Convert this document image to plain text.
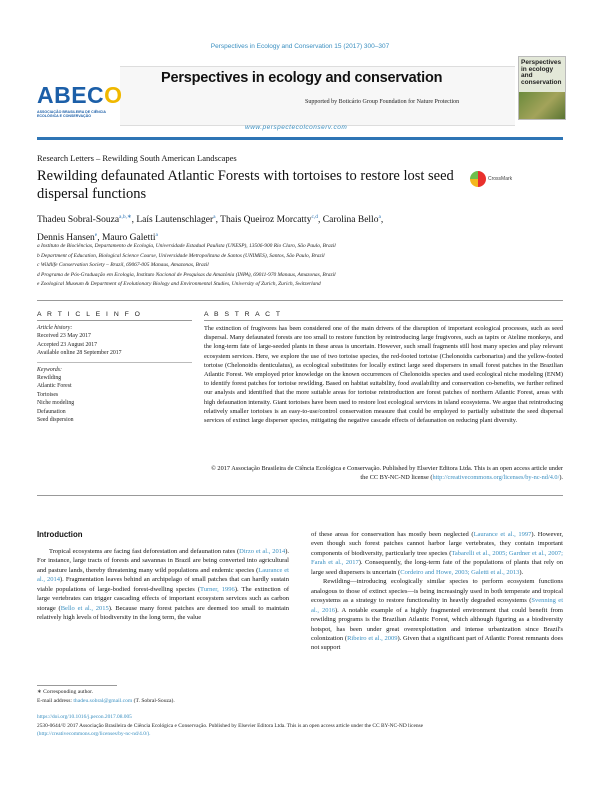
Perspectives in Ecology and Conservation 15 (2017) 300–307
ABECO
ASSOCIAÇÃO BRASILEIRA DE CIÊNCIA ECOLÓGICA E CONSERVAÇÃO
Perspectives in ecology and conservation
Supported by Boticário Group Foundation for Nature Protection
Perspectives in ecology and conservation
www.perspectecolconserv.com
Research Letters – Rewilding South American Landscapes
Rewilding defaunated Atlantic Forests with tortoises to restore lost seed dispersal functions
CrossMark
Thadeu Sobral-Souza$^{a,b,∗}$, Laís Lautenschlager$^a$, Thais Queiroz Morcatty$^{c,d}$, Carolina Bello$^a$,
Dennis Hansen$^e$, Mauro Galetti$^a$
a Instituto de Biociências, Departamento de Ecologia, Universidade Estadual Paulista (UNESP), 13506-900 Rio Claro, São Paulo, Brazil
b Department of Education, Biological Science Course, Universidade Metropolitana de Santos (UNIMES), Santos, São Paulo, Brazil
c Wildlife Conservation Society – Brazil, 69067-005 Manaus, Amazonas, Brazil
d Programa de Pós-Graduação em Ecologia, Instituto Nacional de Pesquisas da Amazônia (INPA), 69011-970 Manaus, Amazonas, Brazil
e Zoological Museum & Department of Evolutionary Biology and Environmental Studies, University of Zurich, Zurich, Switzerland
A R T I C L E I N F O	A B S T R A C T
Article history:
Received 23 May 2017
Accepted 23 August 2017
Available online 28 September 2017
Keywords:
Rewilding
Atlantic Forest
Tortoises
Niche modeling
Defaunation
Seed dispersion
The extinction of frugivores has been considered one of the main drivers of the disruption of important ecological processes, such as seed dispersal. Many defaunated forests are too small to restore function by reintroducing large frugivores, such as tapirs or Ateline monkeys, and the long-term fate of large-seeded plants in these areas is uncertain. However, such small fragments still host many species and play relevant ecosystem services. Here, we explore the use of two tortoise species, the red-footed tortoise (Chelonoidis carbonarius) and the yellow-footed tortoise (Chelonoidis denticulatus), as ecological substitutes for locally extinct large seed dispersers in small forest patches in the Brazilian Atlantic Forest. We employed prior knowledge on the known occurrences of Chelonoidis species and used ecological niche modeling (ENM) to identify forest patches for tortoise rewilding. Based on habitat suitability, food availability and conservation co-benefits, we further refined our analysis and identified that the more suitable areas for tortoise reintroduction are forest patches of northern Atlantic Forest, areas with high defaunation intensity. Giant tortoises have been used to restore lost ecological services in island ecosystems. We argue that reintroducing relatively smaller tortoises is an easy-to-use/control conservation measure that could be employed to partially substitute the seed dispersal services of extinct large disperser species, mitigating the negative cascade effects of defaunation on reducing plant diversity.
© 2017 Associação Brasileira de Ciência Ecológica e Conservação. Published by Elsevier Editora Ltda. This is an open access article under the CC BY-NC-ND license (http://creativecommons.org/licenses/by-nc-nd/4.0/).
Introduction

Tropical ecosystems are facing fast deforestation and defaunation rates (Dirzo et al., 2014). For instance, large tracts of forests and savannas in Brazil are being converted into agricultural and pasture lands, thereby threatening many wild populations and endemic species (Laurance et al., 2014). Fragmentation leaves behind an archipelago of small patches that can hardly sustain viable populations of large-bodied forest-dwelling species (Turner, 1996). The extinction of large vertebrates can trigger cascading effects of important ecosystem services such as carbon storage (Bello et al., 2015). Because many forest patches are deemed too small to maintain relatively high levels of biodiversity in the long term, the value

of these areas for conservation has mostly been neglected (Laurance et al., 1997). However, even though such forest patches cannot harbor large vertebrates, they contain important components of biodiversity, particularly tree species (Tabarelli et al., 2005; Gardner et al., 2007; Farah et al., 2017). Consequently, the long-term fate of the populations of plants that rely on large seed dispersers is uncertain (Cordeiro and Howe, 2003; Galetti et al., 2013).

Rewilding—introducing ecologically similar species to perform ecosystem functions analogous to those of extinct species—is being increasingly used in both temperate and tropical ecosystems as a strategy to restore functionality in heavily degraded ecosystems (Svenning et al., 2016). A notable example of a highly fragmented environment that could benefit from rewilding programs is the Brazilian Atlantic Forest, which although figuring as a biodiversity hotspot, has been under great overexploitation and intense urbanization since Brazil's colonization (Ribeiro et al., 2009). Given that a significant part of Atlantic Forest remnants does not support

∗ Corresponding author.
E-mail address: thadeu.sobral@gmail.com (T. Sobral-Souza).
https://doi.org/10.1016/j.pecon.2017.08.005
2530-0644/© 2017 Associação Brasileira de Ciência Ecológica e Conservação. Published by Elsevier Editora Ltda. This is an open access article under the CC BY-NC-ND license
(http://creativecommons.org/licenses/by-nc-nd/4.0/).
